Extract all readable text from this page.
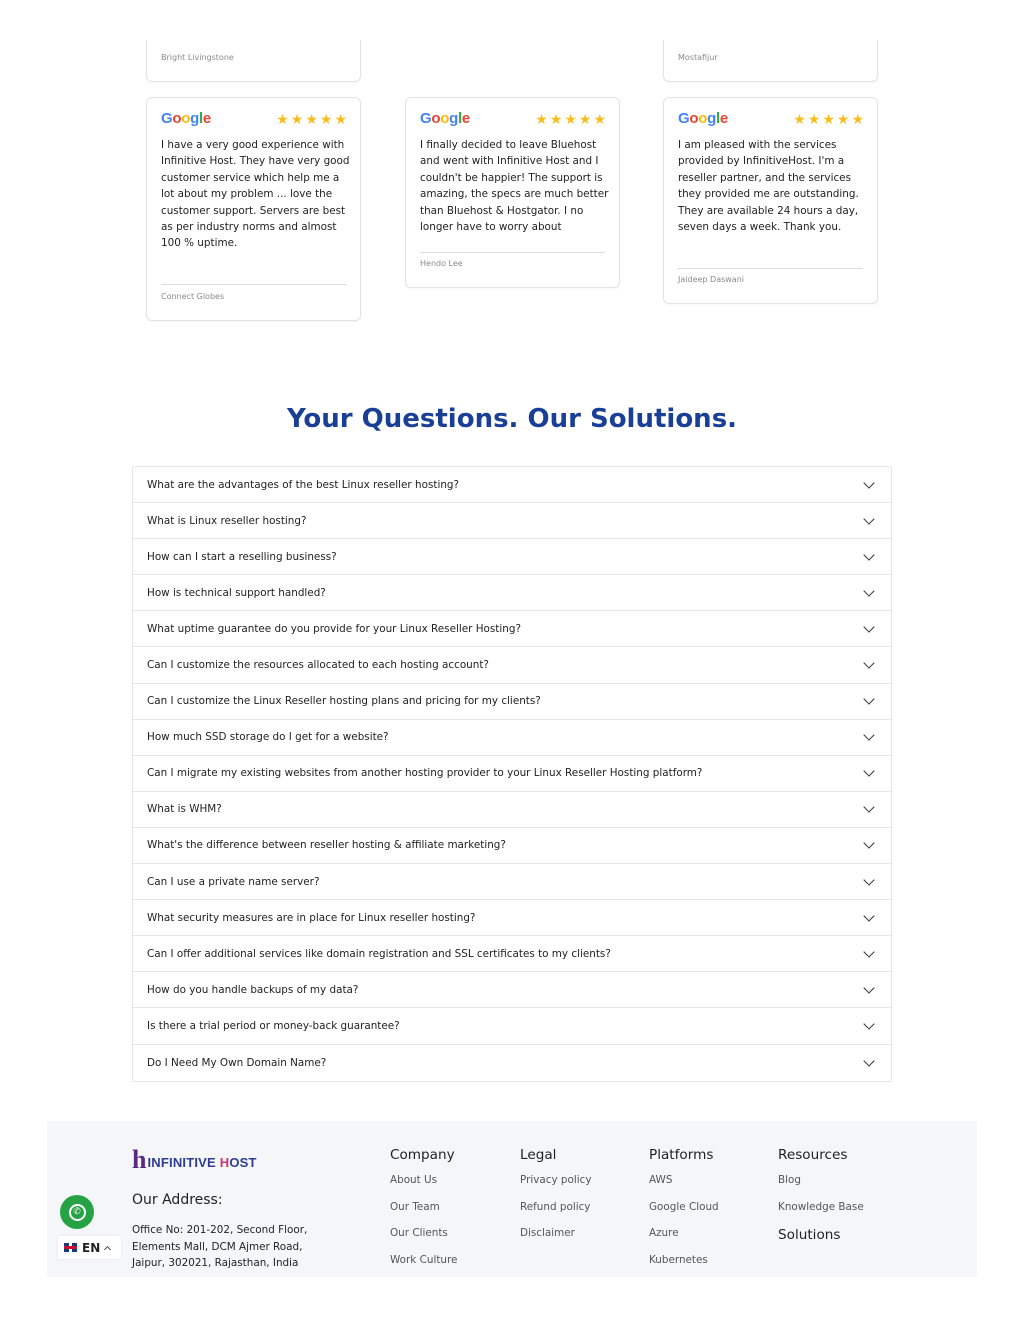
Bright Livingstone	Mostafijur
Google	★ ★ ★ ★ ★
I have a very good experience with Infinitive Host. They have very good customer service which help me a lot about my problem ... love the customer support. Servers are best as per industry norms and almost 100 % uptime.
Connect Globes
Google	★ ★ ★ ★ ★
I finally decided to leave Bluehost and went with Infinitive Host and I couldn't be happier! The support is amazing, the specs are much better than Bluehost & Hostgator. I no longer have to worry about
Hendo Lee
Google	★ ★ ★ ★ ★
I am pleased with the services provided by InfinitiveHost. I'm a reseller partner, and the services they provided me are outstanding. They are available 24 hours a day, seven days a week. Thank you.
Jaideep Daswani
Your Questions. Our Solutions.
What are the advantages of the best Linux reseller hosting?
What is Linux reseller hosting?
How can I start a reselling business?
How is technical support handled?
What uptime guarantee do you provide for your Linux Reseller Hosting?
Can I customize the resources allocated to each hosting account?
Can I customize the Linux Reseller hosting plans and pricing for my clients?
How much SSD storage do I get for a website?
Can I migrate my existing websites from another hosting provider to your Linux Reseller Hosting platform?
What is WHM?
What's the difference between reseller hosting & affiliate marketing?
Can I use a private name server?
What security measures are in place for Linux reseller hosting?
Can I offer additional services like domain registration and SSL certificates to my clients?
How do you handle backups of my data?
Is there a trial period or money-back guarantee?
Do I Need My Own Domain Name?
h INFINITIVE HOST
Our Address:
Office No: 201-202, Second Floor,
Elements Mall, DCM Ajmer Road,
Jaipur, 302021, Rajasthan, India
Company
About Us
Our Team
Our Clients
Work Culture
Legal
Privacy policy
Refund policy
Disclaimer
Platforms
AWS
Google Cloud
Azure
Kubernetes
Resources
Blog
Knowledge Base
Solutions
✆
EN
